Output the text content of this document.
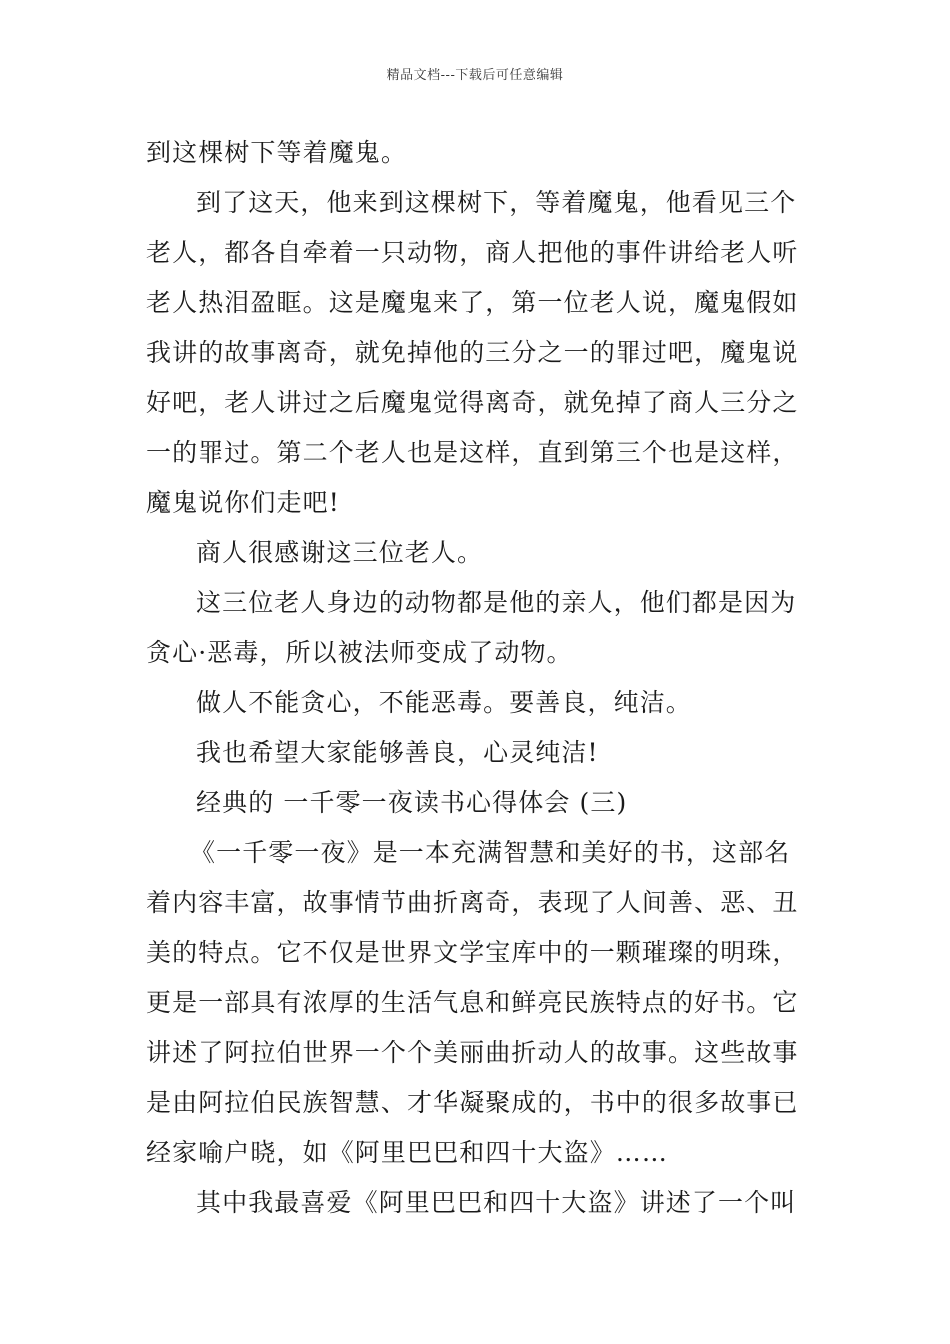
精品文档---下载后可任意编辑
到这棵树下等着魔鬼。
到了这天，他来到这棵树下，等着魔鬼，他看见三个
老人，都各自牵着一只动物，商人把他的事件讲给老人听
老人热泪盈眶。这是魔鬼来了，第一位老人说，魔鬼假如
我讲的故事离奇，就免掉他的三分之一的罪过吧，魔鬼说
好吧，老人讲过之后魔鬼觉得离奇，就免掉了商人三分之
一的罪过。第二个老人也是这样，直到第三个也是这样，
魔鬼说你们走吧!
商人很感谢这三位老人。
这三位老人身边的动物都是他的亲人，他们都是因为
贪心·恶毒，所以被法师变成了动物。
做人不能贪心，不能恶毒。要善良，纯洁。
我也希望大家能够善良，心灵纯洁!
经典的 一千零一夜读书心得体会 (三)
《一千零一夜》是一本充满智慧和美好的书，这部名
着内容丰富，故事情节曲折离奇，表现了人间善、恶、丑
美的特点。它不仅是世界文学宝库中的一颗璀璨的明珠，
更是一部具有浓厚的生活气息和鲜亮民族特点的好书。它
讲述了阿拉伯世界一个个美丽曲折动人的故事。这些故事
是由阿拉伯民族智慧、才华凝聚成的，书中的很多故事已
经家喻户晓，如《阿里巴巴和四十大盗》……
其中我最喜爱《阿里巴巴和四十大盗》讲述了一个叫
